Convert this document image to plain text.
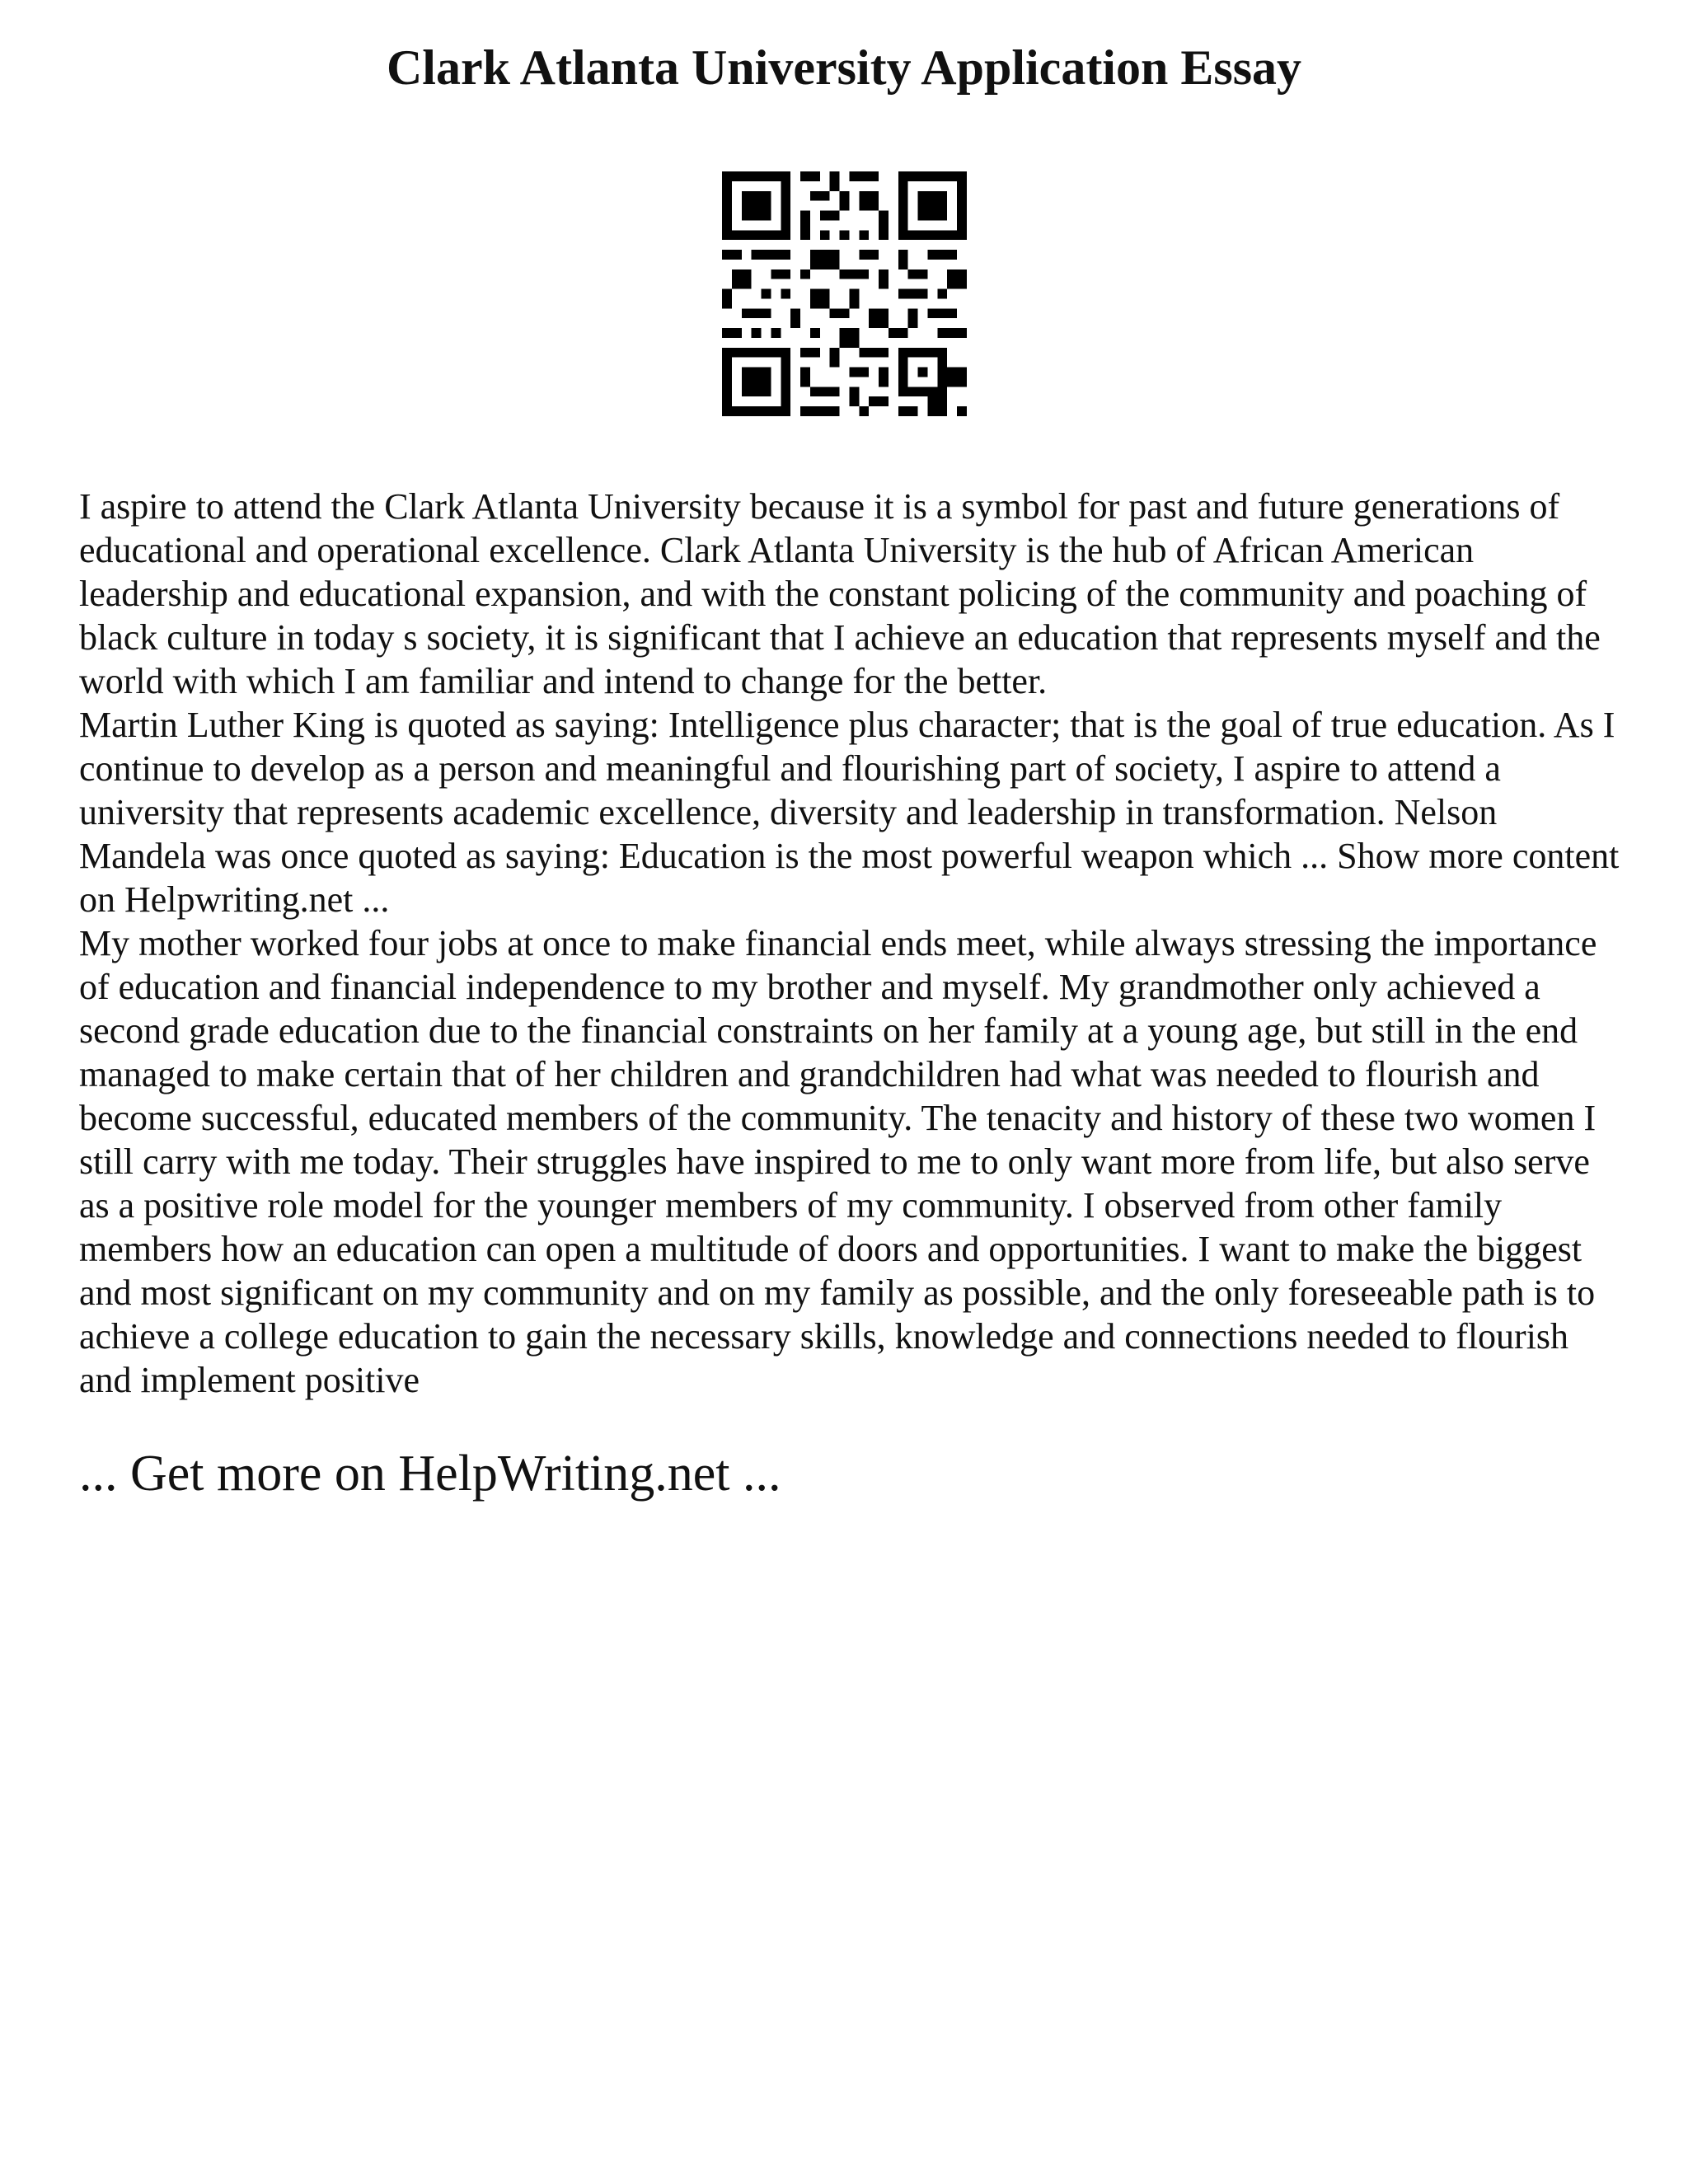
Clark Atlanta University Application Essay

I aspire to attend the Clark Atlanta University because it is a symbol for past and future generations of educational and operational excellence. Clark Atlanta University is the hub of African American leadership and educational expansion, and with the constant policing of the community and poaching of black culture in today s society, it is significant that I achieve an education that represents myself and the world with which I am familiar and intend to change for the better.

Martin Luther King is quoted as saying: Intelligence plus character; that is the goal of true education. As I continue to develop as a person and meaningful and flourishing part of society, I aspire to attend a university that represents academic excellence, diversity and leadership in transformation. Nelson Mandela was once quoted as saying: Education is the most powerful weapon which ... Show more content on Helpwriting.net ...

My mother worked four jobs at once to make financial ends meet, while always stressing the importance of education and financial independence to my brother and myself. My grandmother only achieved a second grade education due to the financial constraints on her family at a young age, but still in the end managed to make certain that of her children and grandchildren had what was needed to flourish and become successful, educated members of the community. The tenacity and history of these two women I still carry with me today. Their struggles have inspired to me to only want more from life, but also serve as a positive role model for the younger members of my community. I observed from other family members how an education can open a multitude of doors and opportunities. I want to make the biggest and most significant on my community and on my family as possible, and the only foreseeable path is to achieve a college education to gain the necessary skills, knowledge and connections needed to flourish and implement positive

... Get more on HelpWriting.net ...
